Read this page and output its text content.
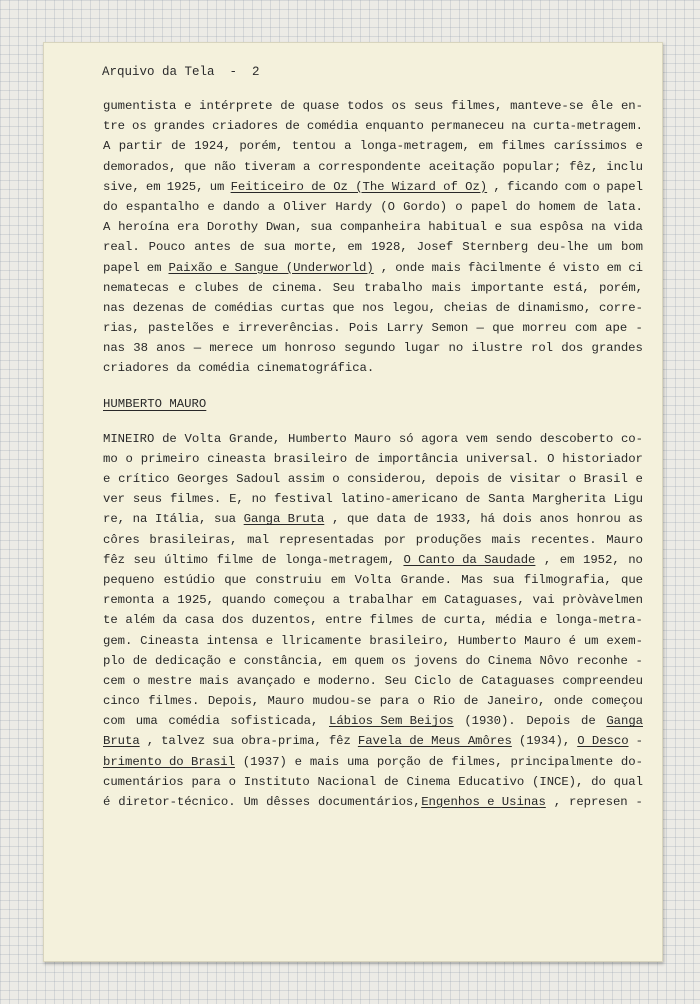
Arquivo da Tela  -  2
gumentista e intérprete de quase todos os seus filmes, manteve-se êle en-
tre os grandes criadores de comédia enquanto permaneceu na curta-metragem.
A partir de 1924, porém, tentou a longa-metragem, em filmes caríssimos e
demorados, que não tiveram a correspondente aceitação popular; fêz, inclu
sive, em 1925, um Feiticeiro de Oz (The Wizard of Oz) , ficando com o papel
do espantalho e dando a Oliver Hardy (O Gordo) o papel do homem de lata.
A heroína era Dorothy Dwan, sua companheira habitual e sua espôsa na vida
real. Pouco antes de sua morte, em 1928, Josef Sternberg deu-lhe um bom
papel em Paixão e Sangue (Underworld) , onde mais fàcilmente é visto em ci
nematecas e clubes de cinema. Seu trabalho mais importante está, porém,
nas dezenas de comédias curtas que nos legou, cheias de dinamismo, corre-
rias, pastelões e irreverências. Pois Larry Semon — que morreu com ape -
nas 38 anos — merece um honroso segundo lugar no ilustre rol dos grandes
criadores da comédia cinematográfica.
HUMBERTO MAURO
MINEIRO de Volta Grande, Humberto Mauro só agora vem sendo descoberto co-
mo o primeiro cineasta brasileiro de importância universal. O historiador
e crítico Georges Sadoul assim o considerou, depois de visitar o Brasil e
ver seus filmes. E, no festival latino-americano de Santa Margherita Ligu
re, na Itália, sua Ganga Bruta , que data de 1933, há dois anos honrou as
côres brasileiras, mal representadas por produções mais recentes. Mauro
fêz seu último filme de longa-metragem, O Canto da Saudade , em 1952, no
pequeno estúdio que construiu em Volta Grande. Mas sua filmografia, que
remonta a 1925, quando começou a trabalhar em Cataguases, vai pròvàvelmen
te além da casa dos duzentos, entre filmes de curta, média e longa-metra-
gem. Cineasta intensa e llricamente brasileiro, Humberto Mauro é um exem-
plo de dedicação e constância, em quem os jovens do Cinema Nôvo reconhe -
cem o mestre mais avançado e moderno. Seu Ciclo de Cataguases compreendeu
cinco filmes. Depois, Mauro mudou-se para o Rio de Janeiro, onde começou
com uma comédia sofisticada, Lábios Sem Beijos (1930). Depois de Ganga
Bruta , talvez sua obra-prima, fêz Favela de Meus Amôres (1934), O Desco -
brimento do Brasil (1937) e mais uma porção de filmes, principalmente do-
cumentários para o Instituto Nacional de Cinema Educativo (INCE), do qual
é diretor-técnico. Um dêsses documentários, Engenhos e Usinas , represen -
